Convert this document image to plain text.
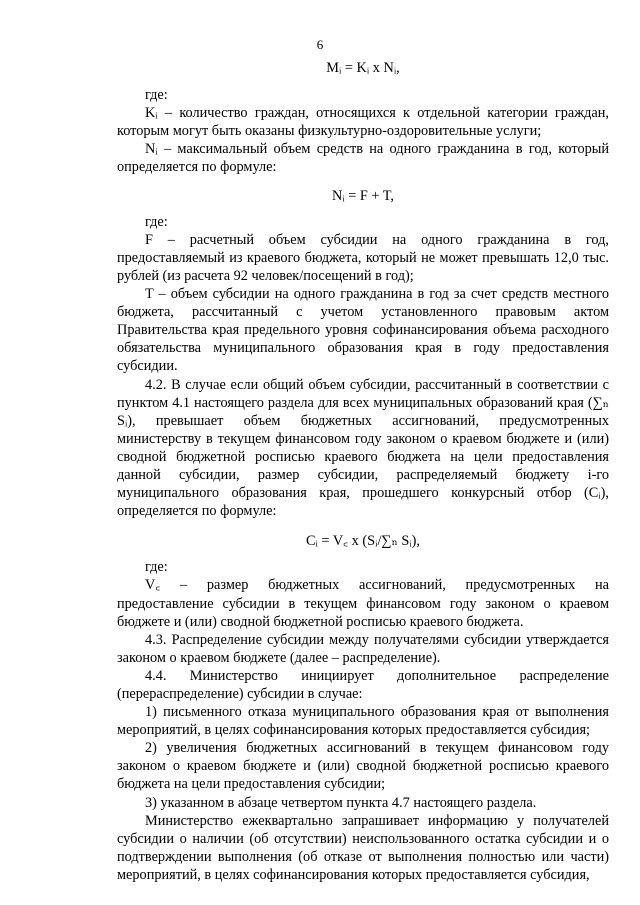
6

Mᵢ = Kᵢ x Nᵢ,

где:

Kᵢ – количество граждан, относящихся к отдельной категории граждан, которым могут быть оказаны физкультурно-оздоровительные услуги;

Nᵢ – максимальный объем средств на одного гражданина в год, который определяется по формуле:

Nᵢ = F + T,

где:

F – расчетный объем субсидии на одного гражданина в год, предоставляемый из краевого бюджета, который не может превышать 12,0 тыс. рублей (из расчета 92 человек/посещений в год);

T – объем субсидии на одного гражданина в год за счет средств местного бюджета, рассчитанный с учетом установленного правовым актом Правительства края предельного уровня софинансирования объема расходного обязательства муниципального образования края в году предоставления субсидии.

4.2. В случае если общий объем субсидии, рассчитанный в соответствии с пунктом 4.1 настоящего раздела для всех муниципальных образований края (∑ₙ Sᵢ), превышает объем бюджетных ассигнований, предусмотренных министерству в текущем финансовом году законом о краевом бюджете и (или) сводной бюджетной росписью краевого бюджета на цели предоставления данной субсидии, размер субсидии, распределяемый бюджету i-го муниципального образования края, прошедшего конкурсный отбор (Cᵢ), определяется по формуле:

Cᵢ = V꜀ x (Sᵢ/∑ₙ Sᵢ),

где:

V꜀ – размер бюджетных ассигнований, предусмотренных на предоставление субсидии в текущем финансовом году законом о краевом бюджете и (или) сводной бюджетной росписью краевого бюджета.

4.3. Распределение субсидии между получателями субсидии утверждается законом о краевом бюджете (далее – распределение).

4.4. Министерство инициирует дополнительное распределение (перераспределение) субсидии в случае:

1) письменного отказа муниципального образования края от выполнения мероприятий, в целях софинансирования которых предоставляется субсидия;

2) увеличения бюджетных ассигнований в текущем финансовом году законом о краевом бюджете и (или) сводной бюджетной росписью краевого бюджета на цели предоставления субсидии;

3) указанном в абзаце четвертом пункта 4.7 настоящего раздела.

Министерство ежеквартально запрашивает информацию у получателей субсидии о наличии (об отсутствии) неиспользованного остатка субсидии и о подтверждении выполнения (об отказе от выполнения полностью или части) мероприятий, в целях софинансирования которых предоставляется субсидия,
